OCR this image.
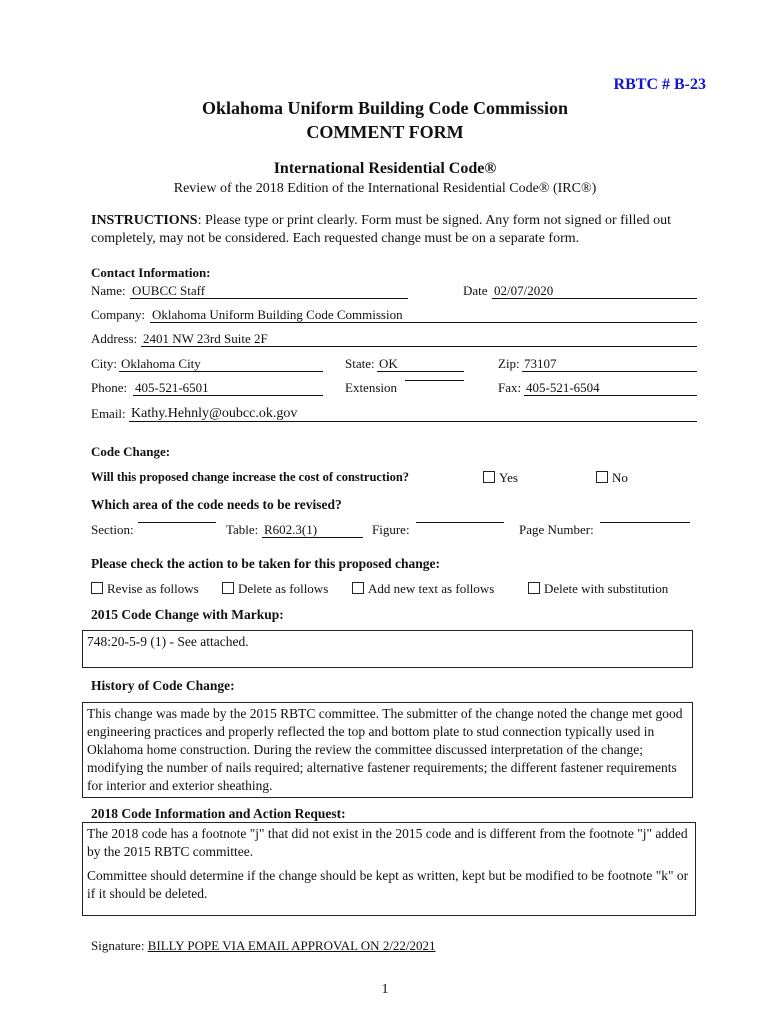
RBTC # B-23
Oklahoma Uniform Building Code Commission
COMMENT FORM
International Residential Code®
Review of the 2018 Edition of the International Residential Code® (IRC®)
INSTRUCTIONS: Please type or print clearly. Form must be signed. Any form not signed or filled out completely, may not be considered. Each requested change must be on a separate form.
Contact Information:
Name: OUBCC Staff	Date 02/07/2020
Company: Oklahoma Uniform Building Code Commission
Address: 2401 NW 23rd Suite 2F
City: Oklahoma City	State: OK	Zip: 73107
Phone: 405-521-6501	Extension	Fax: 405-521-6504
Email: Kathy.Hehnly@oubcc.ok.gov
Code Change:
Will this proposed change increase the cost of construction?	Yes	No
Which area of the code needs to be revised?
Section:	Table: R602.3(1)	Figure:	Page Number:
Please check the action to be taken for this proposed change:
Revise as follows	Delete as follows	Add new text as follows	Delete with substitution
2015 Code Change with Markup:
748:20-5-9 (1) - See attached.
History of Code Change:
This change was made by the 2015 RBTC committee. The submitter of the change noted the change met good engineering practices and properly reflected the top and bottom plate to stud connection typically used in Oklahoma home construction. During the review the committee discussed interpretation of the change; modifying the number of nails required; alternative fastener requirements; the different fastener requirements for interior and exterior sheathing.
2018 Code Information and Action Request:
The 2018 code has a footnote "j" that did not exist in the 2015 code and is different from the footnote "j" added by the 2015 RBTC committee.
Committee should determine if the change should be kept as written, kept but be modified to be footnote "k" or if it should be deleted.
Signature: BILLY POPE VIA EMAIL APPROVAL ON 2/22/2021
1
